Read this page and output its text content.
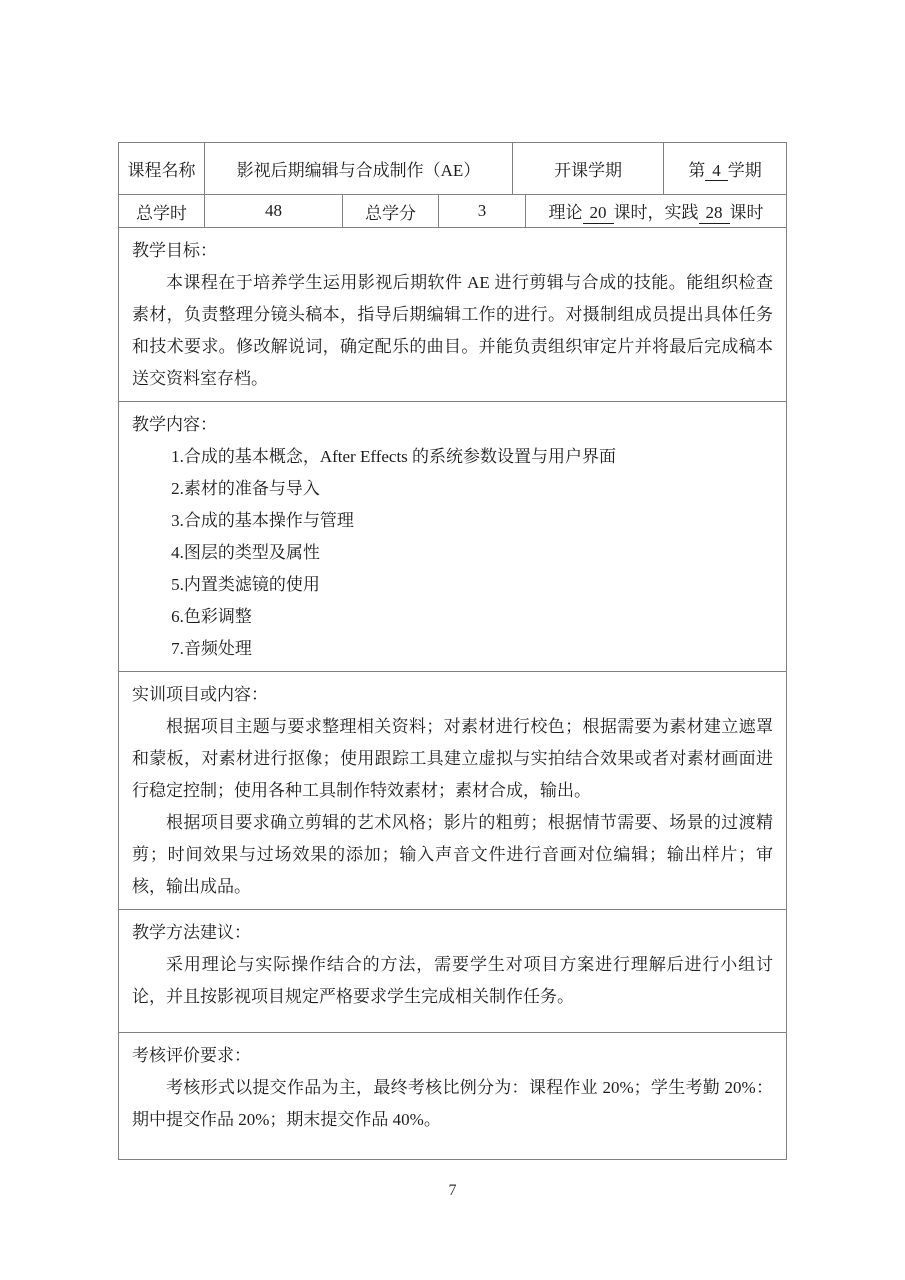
课程名称	影视后期编辑与合成制作（AE）	开课学期	第 4 学期
总学时	48	总学分	3	理论 20 课时，实践 28 课时
教学目标：

本课程在于培养学生运用影视后期软件 AE 进行剪辑与合成的技能。能组织检查素材，负责整理分镜头稿本，指导后期编辑工作的进行。对摄制组成员提出具体任务和技术要求。修改解说词，确定配乐的曲目。并能负责组织审定片并将最后完成稿本送交资料室存档。

教学内容：
1.合成的基本概念，After Effects 的系统参数设置与用户界面
2.素材的准备与导入
3.合成的基本操作与管理
4.图层的类型及属性
5.内置类滤镜的使用
6.色彩调整
7.音频处理
实训项目或内容：

根据项目主题与要求整理相关资料；对素材进行校色；根据需要为素材建立遮罩和蒙板，对素材进行抠像；使用跟踪工具建立虚拟与实拍结合效果或者对素材画面进行稳定控制；使用各种工具制作特效素材；素材合成，输出。

根据项目要求确立剪辑的艺术风格；影片的粗剪；根据情节需要、场景的过渡精剪；时间效果与过场效果的添加；输入声音文件进行音画对位编辑；输出样片；审核，输出成品。

教学方法建议：

采用理论与实际操作结合的方法，需要学生对项目方案进行理解后进行小组讨论，并且按影视项目规定严格要求学生完成相关制作任务。

考核评价要求：

考核形式以提交作品为主，最终考核比例分为：课程作业 20%；学生考勤 20%：期中提交作品 20%；期末提交作品 40%。

7
